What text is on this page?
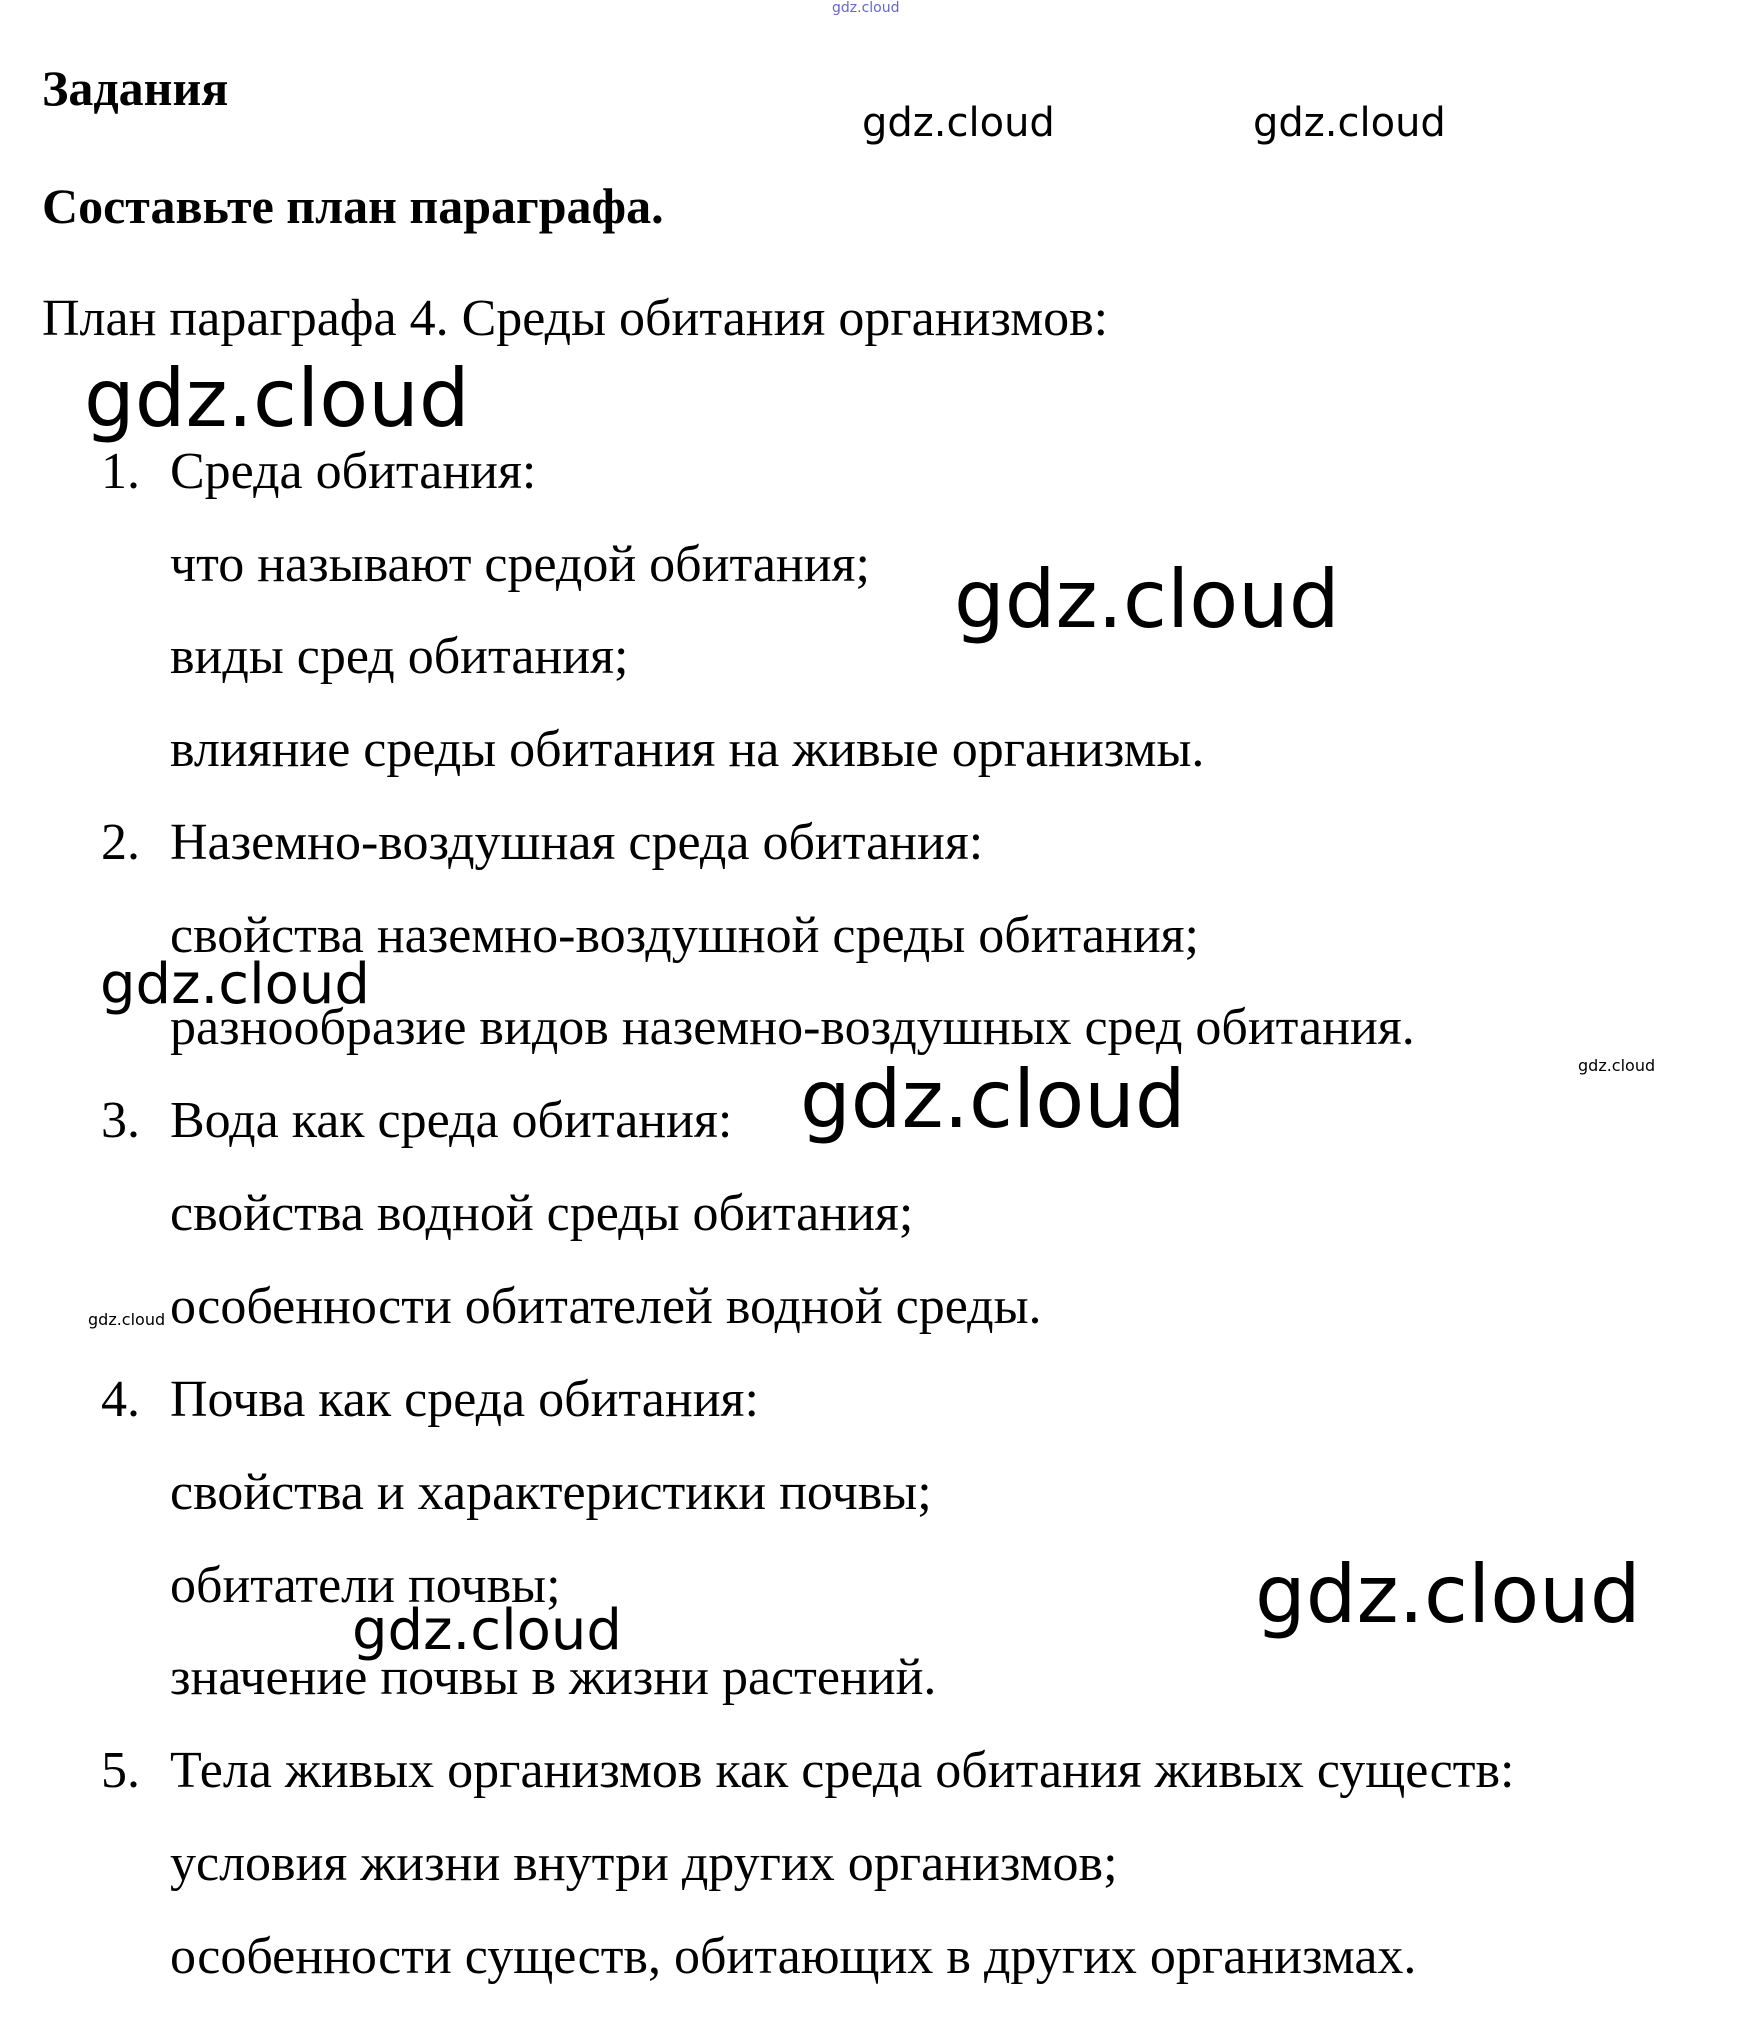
gdz.cloud
gdz.cloud	gdz.cloud
gdz.cloud
gdz.cloud
gdz.cloud
gdz.cloud
gdz.cloud
gdz.cloud
gdz.cloud
gdz.cloud
Задания
Составьте план параграфа.
План параграфа 4. Среды обитания организмов:
1. Среда обитания:
что называют средой обитания;
виды сред обитания;
влияние среды обитания на живые организмы.
2. Наземно-воздушная среда обитания:
свойства наземно-воздушной среды обитания;
разнообразие видов наземно-воздушных сред обитания.
3. Вода как среда обитания:
свойства водной среды обитания;
особенности обитателей водной среды.
4. Почва как среда обитания:
свойства и характеристики почвы;
обитатели почвы;
значение почвы в жизни растений.
5. Тела живых организмов как среда обитания живых существ:
условия жизни внутри других организмов;
особенности существ, обитающих в других организмах.
